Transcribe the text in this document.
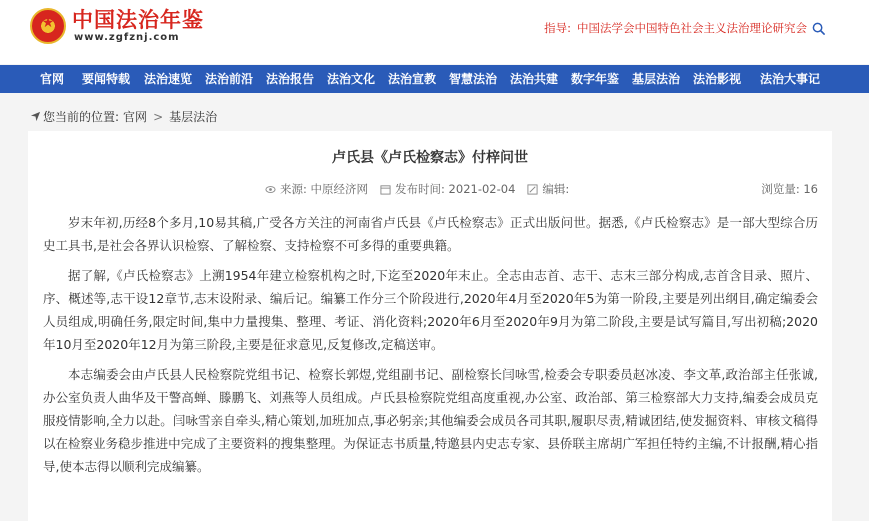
★
中国法治年鉴
www.zgfznj.com
指导: 中国法学会中国特色社会主义法治理论研究会
官网 要闻特载 法治速览 法治前沿 法治报告 法治文化 法治宣教 智慧法治 法治共建 数字年鉴 基层法治 法治影视 法治大事记
您当前的位置: 官网 > 基层法治
卢氏县《卢氏检察志》付梓问世
来源: 中原经济网 发布时间: 2021-02-04 编辑:	浏览量: 16

岁末年初,历经8个多月,10易其稿,广受各方关注的河南省卢氏县《卢氏检察志》正式出版问世。据悉,《卢氏检察志》是一部大型综合历史工具书,是社会各界认识检察、了解检察、支持检察不可多得的重要典籍。

据了解,《卢氏检察志》上溯1954年建立检察机构之时,下迄至2020年末止。全志由志首、志干、志末三部分构成,志首含目录、照片、序、概述等,志干设12章节,志末设附录、编后记。编纂工作分三个阶段进行,2020年4月至2020年5为第一阶段,主要是列出纲目,确定编委会人员组成,明确任务,限定时间,集中力量搜集、整理、考证、消化资料;2020年6月至2020年9月为第二阶段,主要是试写篇目,写出初稿;2020年10月至2020年12月为第三阶段,主要是征求意见,反复修改,定稿送审。

本志编委会由卢氏县人民检察院党组书记、检察长郭煜,党组副书记、副检察长闫咏雪,检委会专职委员赵冰凌、李文革,政治部主任张诚,办公室负责人曲华及干警高蝉、滕鹏飞、刘燕等人员组成。卢氏县检察院党组高度重视,办公室、政治部、第三检察部大力支持,编委会成员克服疫情影响,全力以赴。闫咏雪亲自牵头,精心策划,加班加点,事必躬亲;其他编委会成员各司其职,履职尽责,精诚团结,使发掘资料、审核文稿得以在检察业务稳步推进中完成了主要资料的搜集整理。为保证志书质量,特邀县内史志专家、县侨联主席胡广军担任特约主编,不计报酬,精心指导,使本志得以顺利完成编纂。
